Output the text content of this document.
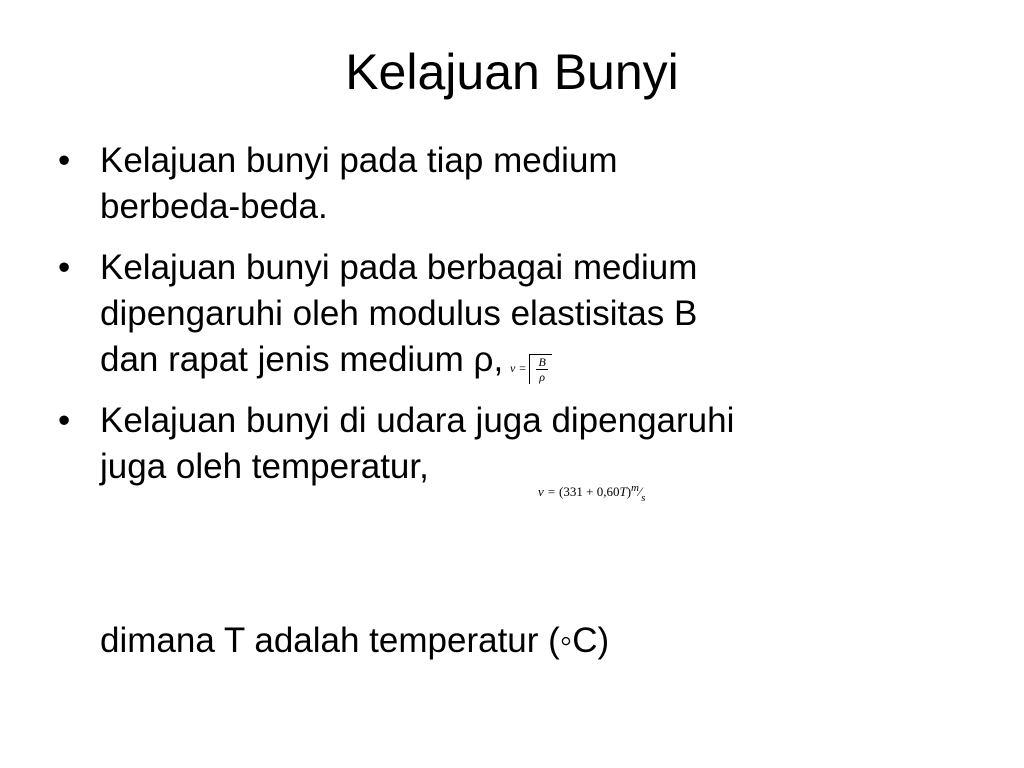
Kelajuan Bunyi
• Kelajuan bunyi pada tiap medium
berbeda-beda.
• Kelajuan bunyi pada berbagai medium
dipengaruhi oleh modulus elastisitas B
dan rapat jenis medium ρ,
• Kelajuan bunyi di udara juga dipengaruhi
juga oleh temperatur,
$v = \frac{B}{\rho}$
$v = (331 + 0,60T)^m⁄_s$
dimana T adalah temperatur (◦C)
